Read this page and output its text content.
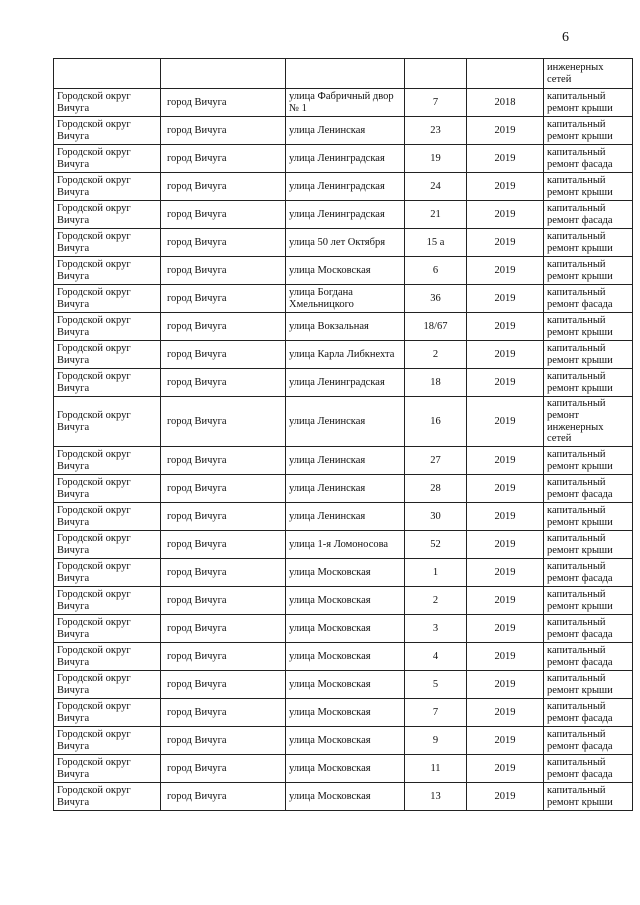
6
					инженерных сетей
Городской округ Вичуга	город Вичуга	улица Фабричный двор № 1	7	2018	капитальный ремонт крыши
Городской округ Вичуга	город Вичуга	улица Ленинская	23	2019	капитальный ремонт крыши
Городской округ Вичуга	город Вичуга	улица Ленинградская	19	2019	капитальный ремонт фасада
Городской округ Вичуга	город Вичуга	улица Ленинградская	24	2019	капитальный ремонт крыши
Городской округ Вичуга	город Вичуга	улица Ленинградская	21	2019	капитальный ремонт фасада
Городской округ Вичуга	город Вичуга	улица 50 лет Октября	15 а	2019	капитальный ремонт крыши
Городской округ Вичуга	город Вичуга	улица Московская	6	2019	капитальный ремонт крыши
Городской округ Вичуга	город Вичуга	улица Богдана Хмельницкого	36	2019	капитальный ремонт фасада
Городской округ Вичуга	город Вичуга	улица Вокзальная	18/67	2019	капитальный ремонт крыши
Городской округ Вичуга	город Вичуга	улица Карла Либкнехта	2	2019	капитальный ремонт крыши
Городской округ Вичуга	город Вичуга	улица Ленинградская	18	2019	капитальный ремонт крыши
Городской округ Вичуга	город Вичуга	улица Ленинская	16	2019	капитальный ремонт инженерных сетей
Городской округ Вичуга	город Вичуга	улица Ленинская	27	2019	капитальный ремонт крыши
Городской округ Вичуга	город Вичуга	улица Ленинская	28	2019	капитальный ремонт фасада
Городской округ Вичуга	город Вичуга	улица Ленинская	30	2019	капитальный ремонт крыши
Городской округ Вичуга	город Вичуга	улица 1-я Ломоносова	52	2019	капитальный ремонт крыши
Городской округ Вичуга	город Вичуга	улица Московская	1	2019	капитальный ремонт фасада
Городской округ Вичуга	город Вичуга	улица Московская	2	2019	капитальный ремонт крыши
Городской округ Вичуга	город Вичуга	улица Московская	3	2019	капитальный ремонт фасада
Городской округ Вичуга	город Вичуга	улица Московская	4	2019	капитальный ремонт фасада
Городской округ Вичуга	город Вичуга	улица Московская	5	2019	капитальный ремонт крыши
Городской округ Вичуга	город Вичуга	улица Московская	7	2019	капитальный ремонт фасада
Городской округ Вичуга	город Вичуга	улица Московская	9	2019	капитальный ремонт фасада
Городской округ Вичуга	город Вичуга	улица Московская	11	2019	капитальный ремонт фасада
Городской округ Вичуга	город Вичуга	улица Московская	13	2019	капитальный ремонт крыши
